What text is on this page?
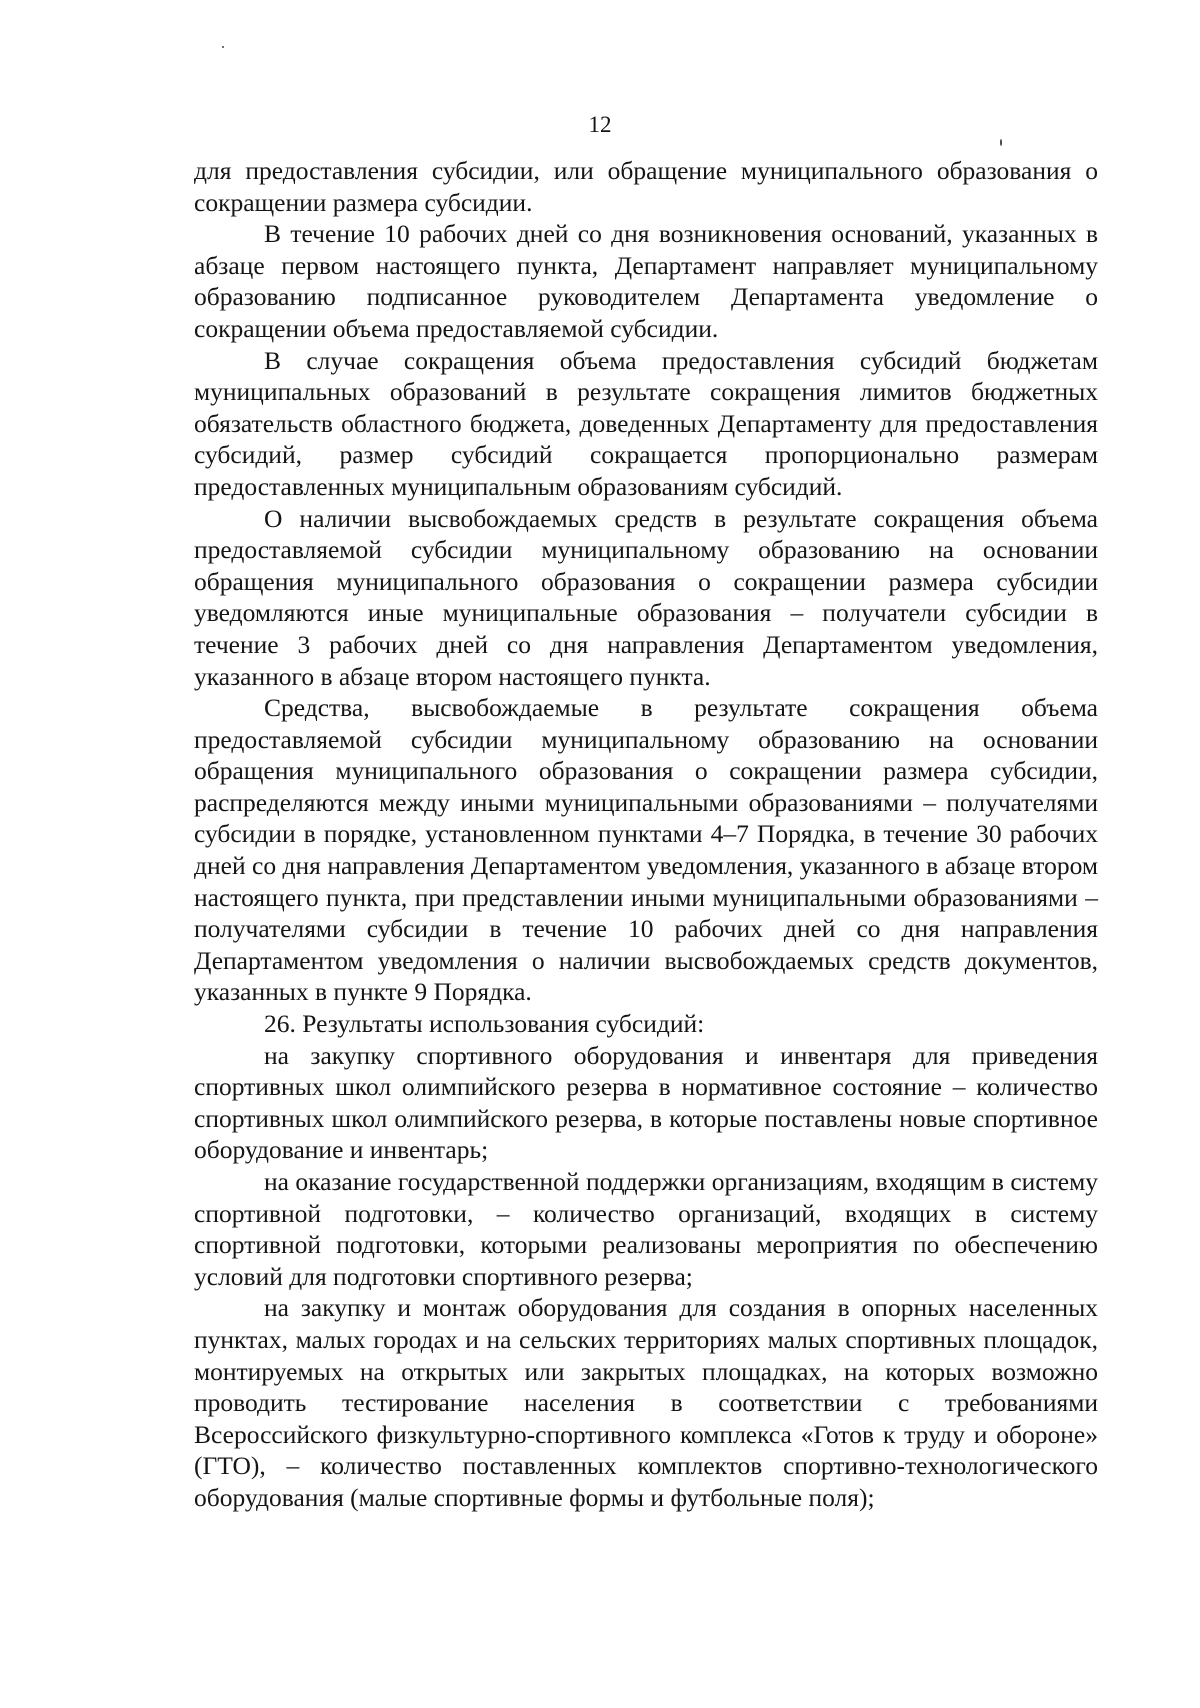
12

для предоставления субсидии, или обращение муниципального образования о сокращении размера субсидии.

В течение 10 рабочих дней со дня возникновения оснований, указанных в абзаце первом настоящего пункта, Департамент направляет муниципальному образованию подписанное руководителем Департамента уведомление о сокращении объема предоставляемой субсидии.

В случае сокращения объема предоставления субсидий бюджетам муниципальных образований в результате сокращения лимитов бюджетных обязательств областного бюджета, доведенных Департаменту для предоставления субсидий, размер субсидий сокращается пропорционально размерам предоставленных муниципальным образованиям субсидий.

О наличии высвобождаемых средств в результате сокращения объема предоставляемой субсидии муниципальному образованию на основании обращения муниципального образования о сокращении размера субсидии уведомляются иные муниципальные образования – получатели субсидии в течение 3 рабочих дней со дня направления Департаментом уведомления, указанного в абзаце втором настоящего пункта.

Средства, высвобождаемые в результате сокращения объема предоставляемой субсидии муниципальному образованию на основании обращения муниципального образования о сокращении размера субсидии, распределяются между иными муниципальными образованиями – получателями субсидии в порядке, установленном пунктами 4–7 Порядка, в течение 30 рабочих дней со дня направления Департаментом уведомления, указанного в абзаце втором настоящего пункта, при представлении иными муниципальными образованиями – получателями субсидии в течение 10 рабочих дней со дня направления Департаментом уведомления о наличии высвобождаемых средств документов, указанных в пункте 9 Порядка.

26. Результаты использования субсидий:

на закупку спортивного оборудования и инвентаря для приведения спортивных школ олимпийского резерва в нормативное состояние – количество спортивных школ олимпийского резерва, в которые поставлены новые спортивное оборудование и инвентарь;

на оказание государственной поддержки организациям, входящим в систему спортивной подготовки, – количество организаций, входящих в систему спортивной подготовки, которыми реализованы мероприятия по обеспечению условий для подготовки спортивного резерва;

на закупку и монтаж оборудования для создания в опорных населенных пунктах, малых городах и на сельских территориях малых спортивных площадок, монтируемых на открытых или закрытых площадках, на которых возможно проводить тестирование населения в соответствии с требованиями Всероссийского физкультурно-спортивного комплекса «Готов к труду и обороне» (ГТО), – количество поставленных комплектов спортивно-технологического оборудования (малые спортивные формы и футбольные поля);
